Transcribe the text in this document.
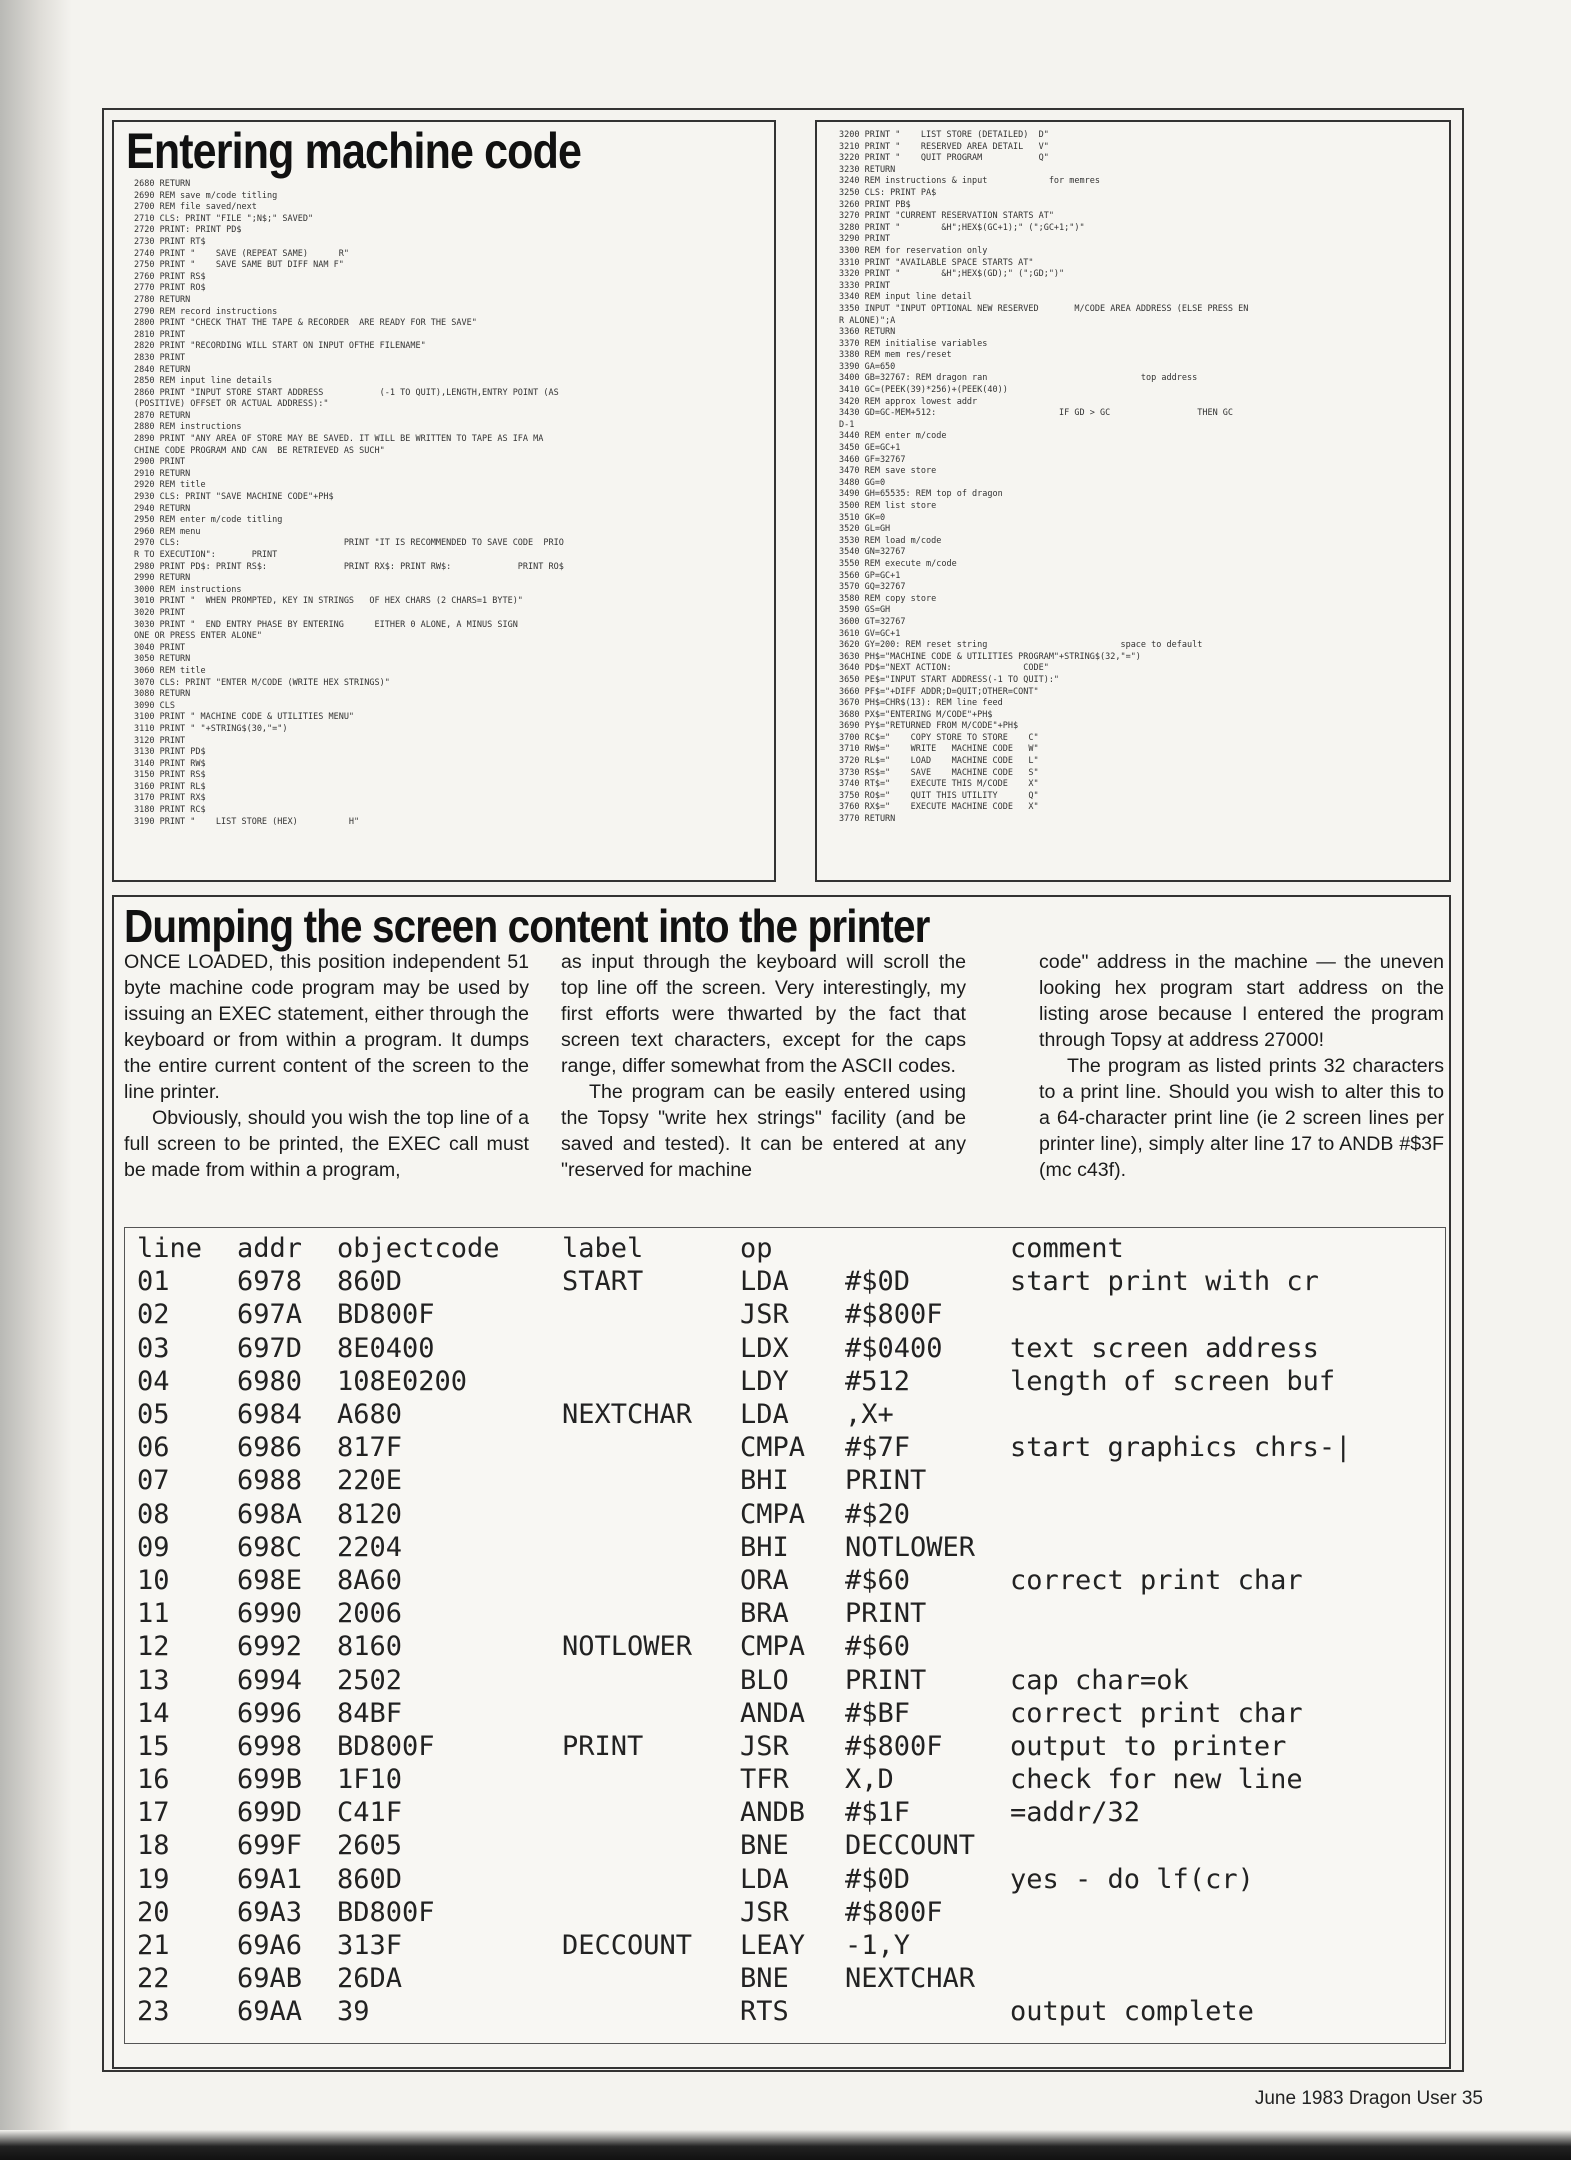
Entering machine code
2680 RETURN
2690 REM save m/code titling
2700 REM file saved/next
2710 CLS: PRINT "FILE ";N$;" SAVED"
2720 PRINT: PRINT PD$
2730 PRINT RT$
2740 PRINT "    SAVE (REPEAT SAME)      R"
2750 PRINT "    SAVE SAME BUT DIFF NAM F"
2760 PRINT RS$
2770 PRINT RO$
2780 RETURN
2790 REM record instructions
2800 PRINT "CHECK THAT THE TAPE & RECORDER  ARE READY FOR THE SAVE"
2810 PRINT
2820 PRINT "RECORDING WILL START ON INPUT OFTHE FILENAME"
2830 PRINT
2840 RETURN
2850 REM input line details
2860 PRINT "INPUT STORE START ADDRESS           (-1 TO QUIT),LENGTH,ENTRY POINT (AS
(POSITIVE) OFFSET OR ACTUAL ADDRESS):"
2870 RETURN
2880 REM instructions
2890 PRINT "ANY AREA OF STORE MAY BE SAVED. IT WILL BE WRITTEN TO TAPE AS IFA MA
CHINE CODE PROGRAM AND CAN  BE RETRIEVED AS SUCH"
2900 PRINT
2910 RETURN
2920 REM title
2930 CLS: PRINT "SAVE MACHINE CODE"+PH$
2940 RETURN
2950 REM enter m/code titling
2960 REM menu
2970 CLS:                                PRINT "IT IS RECOMMENDED TO SAVE CODE  PRIO
R TO EXECUTION":       PRINT
2980 PRINT PD$: PRINT RS$:               PRINT RX$: PRINT RW$:             PRINT RO$
2990 RETURN
3000 REM instructions
3010 PRINT "  WHEN PROMPTED, KEY IN STRINGS   OF HEX CHARS (2 CHARS=1 BYTE)"
3020 PRINT
3030 PRINT "  END ENTRY PHASE BY ENTERING      EITHER 0 ALONE, A MINUS SIGN
ONE OR PRESS ENTER ALONE"
3040 PRINT
3050 RETURN
3060 REM title
3070 CLS: PRINT "ENTER M/CODE (WRITE HEX STRINGS)"
3080 RETURN
3090 CLS
3100 PRINT " MACHINE CODE & UTILITIES MENU"
3110 PRINT " "+STRING$(30,"=")
3120 PRINT
3130 PRINT PD$
3140 PRINT RW$
3150 PRINT RS$
3160 PRINT RL$
3170 PRINT RX$
3180 PRINT RC$
3190 PRINT "    LIST STORE (HEX)          H"
3200 PRINT "    LIST STORE (DETAILED)  D"
3210 PRINT "    RESERVED AREA DETAIL   V"
3220 PRINT "    QUIT PROGRAM           Q"
3230 RETURN
3240 REM instructions & input            for memres
3250 CLS: PRINT PA$
3260 PRINT PB$
3270 PRINT "CURRENT RESERVATION STARTS AT"
3280 PRINT "        &H";HEX$(GC+1);" (";GC+1;")"
3290 PRINT
3300 REM for reservation only
3310 PRINT "AVAILABLE SPACE STARTS AT"
3320 PRINT "        &H";HEX$(GD);" (";GD;")"
3330 PRINT
3340 REM input line detail
3350 INPUT "INPUT OPTIONAL NEW RESERVED       M/CODE AREA ADDRESS (ELSE PRESS EN
R ALONE)";A
3360 RETURN
3370 REM initialise variables
3380 REM mem res/reset
3390 GA=650
3400 GB=32767: REM dragon ran                              top address
3410 GC=(PEEK(39)*256)+(PEEK(40))
3420 REM approx lowest addr
3430 GD=GC-MEM+512:                        IF GD > GC                 THEN GC
D-1
3440 REM enter m/code
3450 GE=GC+1
3460 GF=32767
3470 REM save store
3480 GG=0
3490 GH=65535: REM top of dragon
3500 REM list store
3510 GK=0
3520 GL=GH
3530 REM load m/code
3540 GN=32767
3550 REM execute m/code
3560 GP=GC+1
3570 GQ=32767
3580 REM copy store
3590 GS=GH
3600 GT=32767
3610 GV=GC+1
3620 GY=200: REM reset string                          space to default
3630 PH$="MACHINE CODE & UTILITIES PROGRAM"+STRING$(32,"=")
3640 PD$="NEXT ACTION:              CODE"
3650 PE$="INPUT START ADDRESS(-1 TO QUIT):"
3660 PF$="+DIFF ADDR;D=QUIT;OTHER=CONT"
3670 PH$=CHR$(13): REM line feed
3680 PX$="ENTERING M/CODE"+PH$
3690 PY$="RETURNED FROM M/CODE"+PH$
3700 RC$="    COPY STORE TO STORE    C"
3710 RW$="    WRITE   MACHINE CODE   W"
3720 RL$="    LOAD    MACHINE CODE   L"
3730 RS$="    SAVE    MACHINE CODE   S"
3740 RT$="    EXECUTE THIS M/CODE    X"
3750 RO$="    QUIT THIS UTILITY      Q"
3760 RX$="    EXECUTE MACHINE CODE   X"
3770 RETURN
Dumping the screen content into the printer

ONCE LOADED, this position independent 51 byte machine code program may be used by issuing an EXEC statement, either through the keyboard or from within a program. It dumps the entire current content of the screen to the line printer.

Obviously, should you wish the top line of a full screen to be printed, the EXEC call must be made from within a program,

as input through the keyboard will scroll the top line off the screen. Very interestingly, my first efforts were thwarted by the fact that screen text characters, except for the caps range, differ somewhat from the ASCII codes.

The program can be easily entered using the Topsy "write hex strings" facility (and be saved and tested). It can be entered at any "reserved for machine

code" address in the machine — the uneven looking hex program start address on the listing arose because I entered the program through Topsy at address 27000!

The program as listed prints 32 characters to a print line. Should you wish to alter this to a 64-character print line (ie 2 screen lines per printer line), simply alter line 17 to ANDB #$3F (mc c43f).

line	addr	objectcode	label	op		comment
01	6978	860D	START	LDA	#$0D	start print with cr
02	697A	BD800F		JSR	#$800F	
03	697D	8E0400		LDX	#$0400	text screen address
04	6980	108E0200		LDY	#512	length of screen buf
05	6984	A680	NEXTCHAR	LDA	,X+	
06	6986	817F		CMPA	#$7F	start graphics chrs-|
07	6988	220E		BHI	PRINT	
08	698A	8120		CMPA	#$20	
09	698C	2204		BHI	NOTLOWER	
10	698E	8A60		ORA	#$60	correct print char
11	6990	2006		BRA	PRINT	
12	6992	8160	NOTLOWER	CMPA	#$60	
13	6994	2502		BLO	PRINT	cap char=ok
14	6996	84BF		ANDA	#$BF	correct print char
15	6998	BD800F	PRINT	JSR	#$800F	output to printer
16	699B	1F10		TFR	X,D	check for new line
17	699D	C41F		ANDB	#$1F	=addr/32
18	699F	2605		BNE	DECCOUNT	
19	69A1	860D		LDA	#$0D	yes - do lf(cr)
20	69A3	BD800F		JSR	#$800F	
21	69A6	313F	DECCOUNT	LEAY	-1,Y	
22	69AB	26DA		BNE	NEXTCHAR	
23	69AA	39		RTS		output complete
June 1983 Dragon User 35
